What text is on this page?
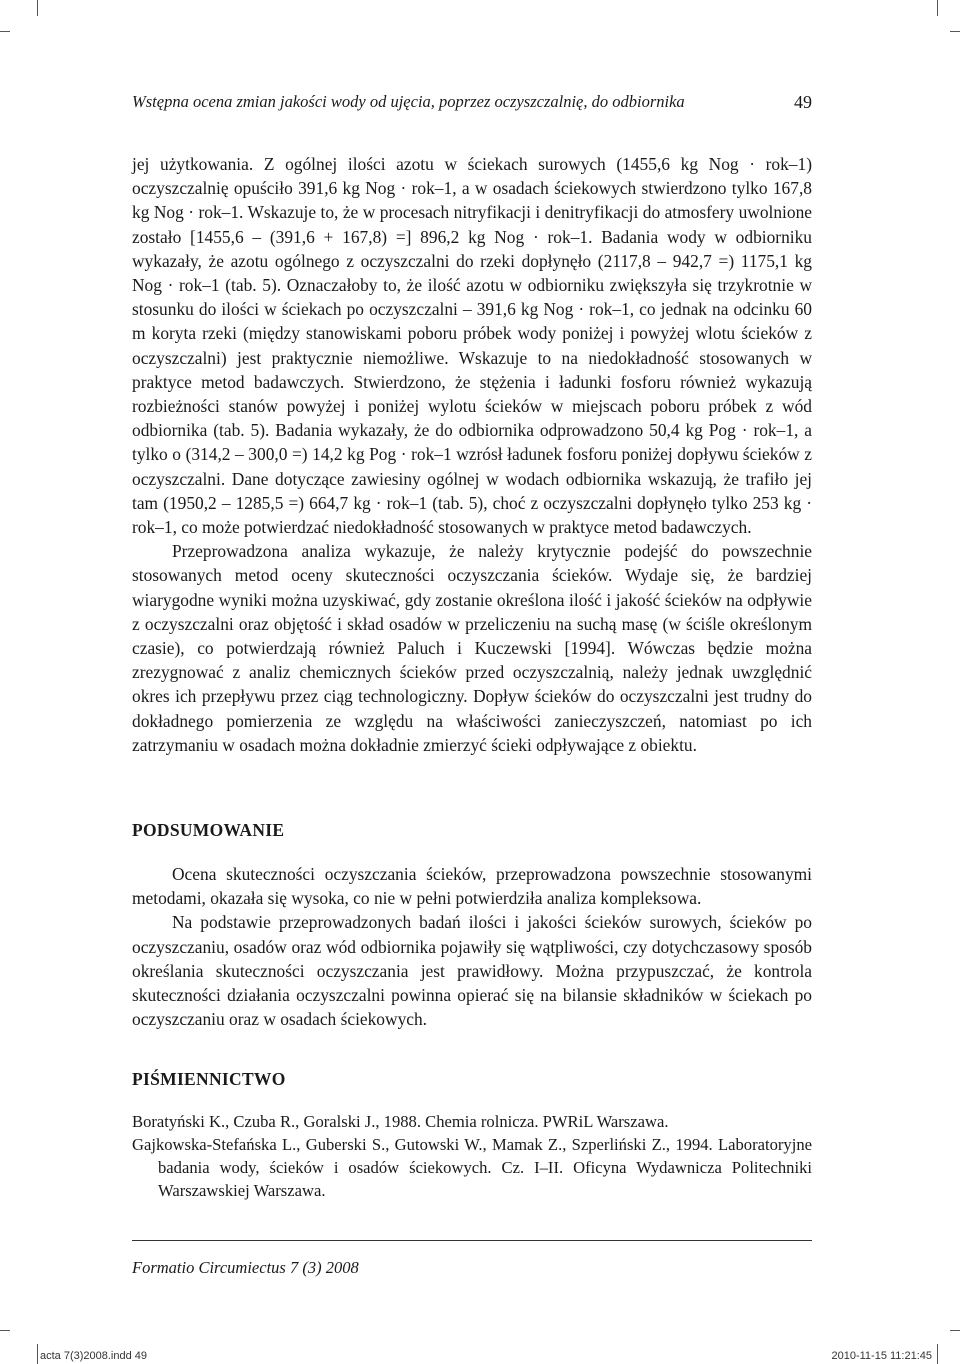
Wstępna ocena zmian jakości wody od ujęcia, poprzez oczyszczalnię, do odbiornika	49

jej użytkowania. Z ogólnej ilości azotu w ściekach surowych (1455,6 kg Nog · rok–1) oczyszczalnię opuściło 391,6 kg Nog · rok–1, a w osadach ściekowych stwierdzono tylko 167,8 kg Nog · rok–1. Wskazuje to, że w procesach nitryfikacji i denitryfikacji do atmosfery uwolnione zostało [1455,6 – (391,6 + 167,8) =] 896,2 kg Nog · rok–1. Badania wody w odbiorniku wykazały, że azotu ogólnego z oczyszczalni do rzeki dopłynęło (2117,8 – 942,7 =) 1175,1 kg Nog · rok–1 (tab. 5). Oznaczałoby to, że ilość azotu w odbiorniku zwiększyła się trzykrotnie w stosunku do ilości w ściekach po oczyszczalni – 391,6 kg Nog · rok–1, co jednak na odcinku 60 m koryta rzeki (między stanowiskami poboru próbek wody poniżej i powyżej wlotu ścieków z oczyszczalni) jest praktycznie niemożliwe. Wskazuje to na niedokładność stosowanych w praktyce metod badawczych. Stwierdzono, że stężenia i ładunki fosforu również wykazują rozbieżności stanów powyżej i poniżej wylotu ścieków w miejscach poboru próbek z wód odbiornika (tab. 5). Badania wykazały, że do odbiornika odprowadzono 50,4 kg Pog · rok–1, a tylko o (314,2 – 300,0 =) 14,2 kg Pog · rok–1 wzrósł ładunek fosforu poniżej dopływu ścieków z oczyszczalni. Dane dotyczące zawiesiny ogólnej w wodach odbiornika wskazują, że trafiło jej tam (1950,2 – 1285,5 =) 664,7 kg · rok–1 (tab. 5), choć z oczyszczalni dopłynęło tylko 253 kg · rok–1, co może potwierdzać niedokładność stosowanych w praktyce metod badawczych.

Przeprowadzona analiza wykazuje, że należy krytycznie podejść do powszechnie stosowanych metod oceny skuteczności oczyszczania ścieków. Wydaje się, że bardziej wiarygodne wyniki można uzyskiwać, gdy zostanie określona ilość i jakość ścieków na odpływie z oczyszczalni oraz objętość i skład osadów w przeliczeniu na suchą masę (w ściśle określonym czasie), co potwierdzają również Paluch i Kuczewski [1994]. Wówczas będzie można zrezygnować z analiz chemicznych ścieków przed oczyszczalnią, należy jednak uwzględnić okres ich przepływu przez ciąg technologiczny. Dopływ ścieków do oczyszczalni jest trudny do dokładnego pomierzenia ze względu na właściwości zanieczyszczeń, natomiast po ich zatrzymaniu w osadach można dokładnie zmierzyć ścieki odpływające z obiektu.

PODSUMOWANIE

Ocena skuteczności oczyszczania ścieków, przeprowadzona powszechnie stosowanymi metodami, okazała się wysoka, co nie w pełni potwierdziła analiza kompleksowa.

Na podstawie przeprowadzonych badań ilości i jakości ścieków surowych, ścieków po oczyszczaniu, osadów oraz wód odbiornika pojawiły się wątpliwości, czy dotychczasowy sposób określania skuteczności oczyszczania jest prawidłowy. Można przypuszczać, że kontrola skuteczności działania oczyszczalni powinna opierać się na bilansie składników w ściekach po oczyszczaniu oraz w osadach ściekowych.

PIŚMIENNICTWO

Boratyński K., Czuba R., Goralski J., 1988. Chemia rolnicza. PWRiL Warszawa.

Gajkowska-Stefańska L., Guberski S., Gutowski W., Mamak Z., Szperliński Z., 1994. Laboratoryjne badania wody, ścieków i osadów ściekowych. Cz. I–II. Oficyna Wydawnicza Politechniki Warszawskiej Warszawa.

Formatio Circumiectus 7 (3) 2008
acta 7(3)2008.indd 49	2010-11-15 11:21:45
